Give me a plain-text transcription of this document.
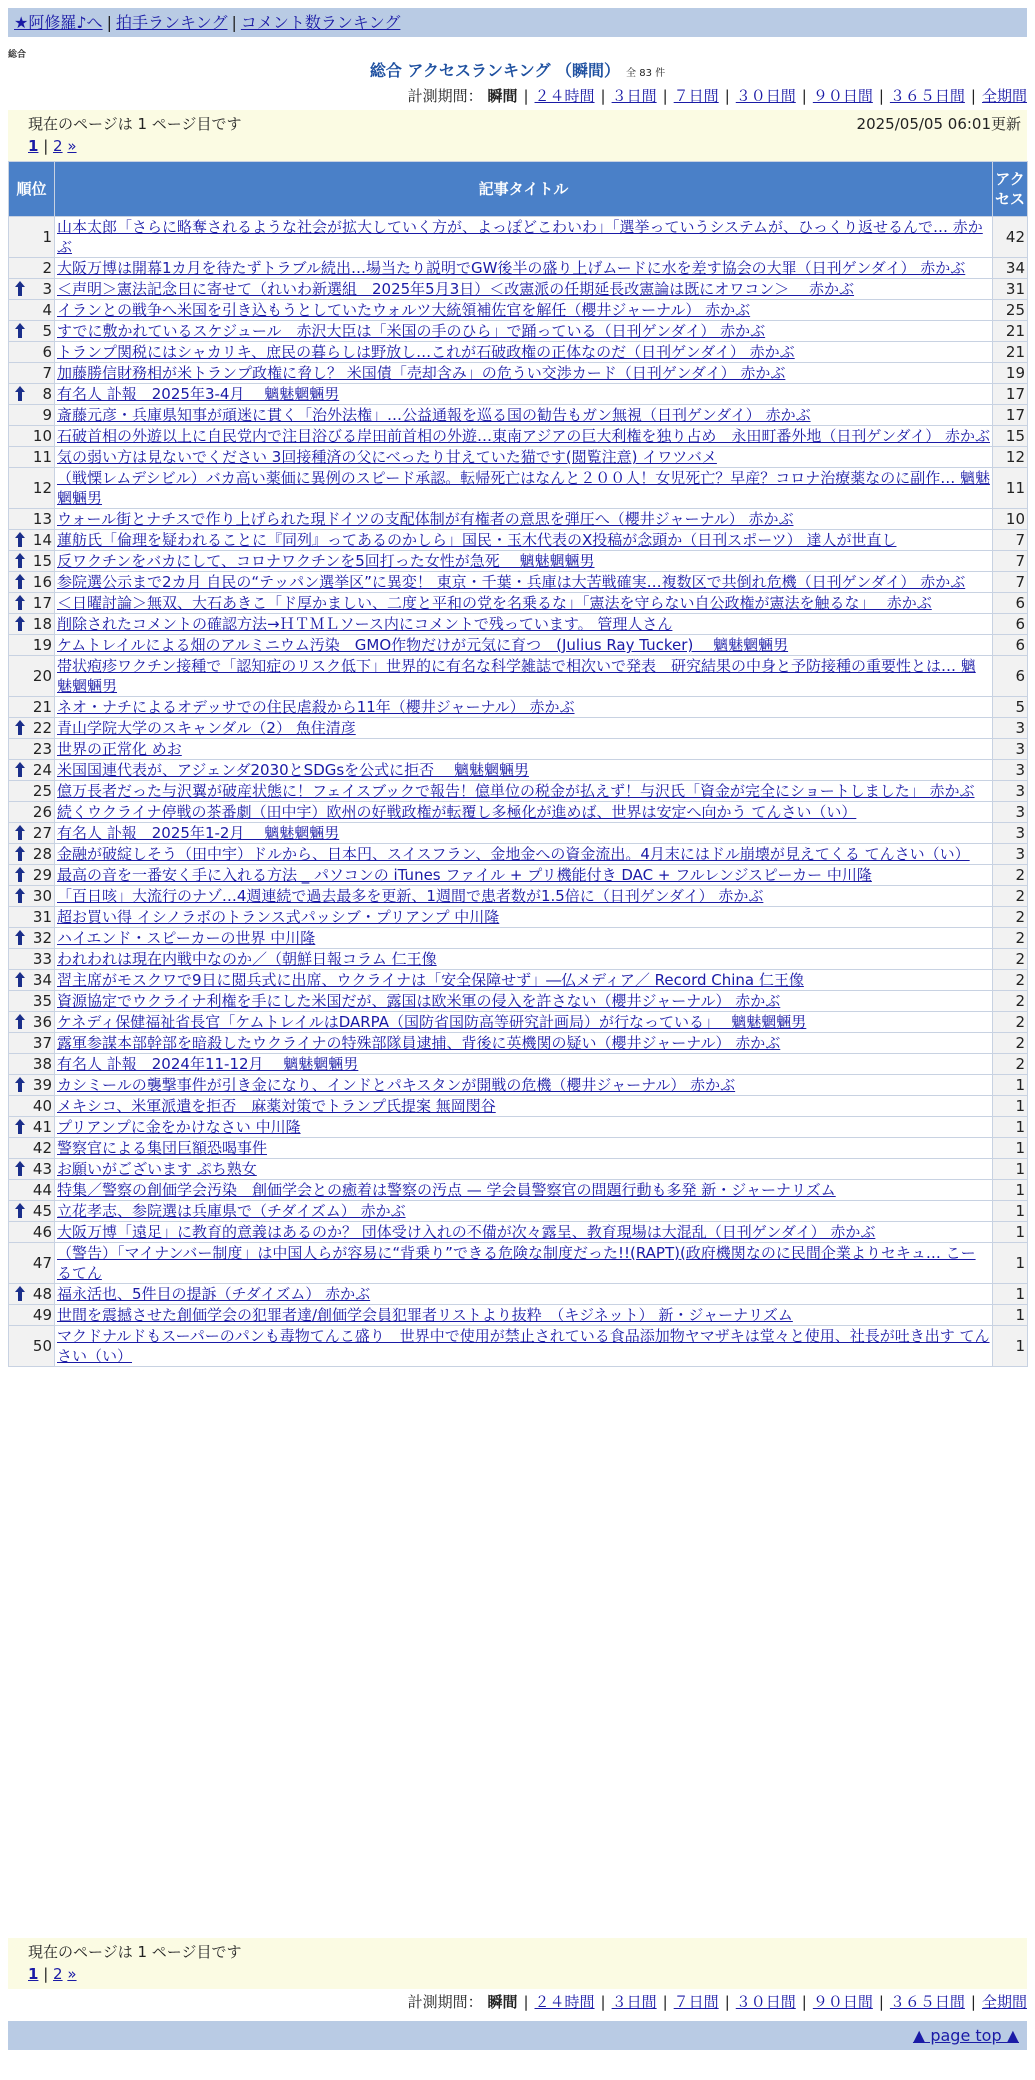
★阿修羅♪へ | 拍手ランキング | コメント数ランキング
総合
総合 アクセスランキング （瞬間） 全 83 件
計測期間： 瞬間 | ２４時間 | ３日間 | ７日間 | ３０日間 | ９０日間 | ３６５日間 | 全期間
現在のページは 1 ページ目です	2025/05/05 06:01更新
1 | 2 »
順位	記事タイトル	アクセス
1	山本太郎「さらに略奪されるような社会が拡大していく方が、よっぽどこわいわ」「選挙っていうシステムが、ひっくり返せるんで… 赤かぶ	42
2	大阪万博は開幕1カ月を待たずトラブル続出…場当たり説明でGW後半の盛り上げムードに水を差す協会の大罪（日刊ゲンダイ） 赤かぶ	34

3	＜声明＞憲法記念日に寄せて（れいわ新選組　2025年5月3日）＜改憲派の任期延長改憲論は既にオワコン＞　 赤かぶ	31
4	イランとの戦争へ米国を引き込もうとしていたウォルツ大統領補佐官を解任（櫻井ジャーナル） 赤かぶ	25

5	すでに敷かれているスケジュール　赤沢大臣は「米国の手のひら」で踊っている（日刊ゲンダイ） 赤かぶ	21
6	トランプ関税にはシャカリキ、庶民の暮らしは野放し…これが石破政権の正体なのだ（日刊ゲンダイ） 赤かぶ	21
7	加藤勝信財務相が米トランプ政権に脅し？ 米国債「売却含み」の危うい交渉カード（日刊ゲンダイ） 赤かぶ	19

8	有名人 訃報　2025年3-4月　 魑魅魍魎男	17
9	斎藤元彦・兵庫県知事が頑迷に貫く「治外法権」…公益通報を巡る国の勧告もガン無視（日刊ゲンダイ） 赤かぶ	17
10	石破首相の外遊以上に自民党内で注目浴びる岸田前首相の外遊…東南アジアの巨大利権を独り占め　永田町番外地（日刊ゲンダイ） 赤かぶ	15
11	気の弱い方は見ないでください 3回接種済の父にべったり甘えていた猫です(閲覧注意) イワツバメ	12
12	（戦慄レムデシビル）バカ高い薬価に異例のスピード承認。転帰死亡はなんと２００人！女児死亡？早産？コロナ治療薬なのに副作… 魑魅魍魎男	11
13	ウォール街とナチスで作り上げられた現ドイツの支配体制が有権者の意思を弾圧へ（櫻井ジャーナル） 赤かぶ	10

14	蓮舫氏「倫理を疑われることに『同列』ってあるのかしら」国民・玉木代表のX投稿が念頭か（日刊スポーツ） 達人が世直し	7

15	反ワクチンをバカにして、コロナワクチンを5回打った女性が急死　 魑魅魍魎男	7

16	参院選公示まで2カ月 自民の“テッパン選挙区”に異変！ 東京・千葉・兵庫は大苦戦確実…複数区で共倒れ危機（日刊ゲンダイ） 赤かぶ	7

17	＜日曜討論＞無双、大石あきこ「ド厚かましい、二度と平和の党を名乗るな」「憲法を守らない自公政権が憲法を触るな」　 赤かぶ	6

18	削除されたコメントの確認方法→ＨＴＭＬソース内にコメントで残っています。 管理人さん	6
19	ケムトレイルによる畑のアルミニウム汚染　GMO作物だけが元気に育つ　(Julius Ray Tucker)　 魑魅魍魎男	6
20	帯状疱疹ワクチン接種で「認知症のリスク低下」世界的に有名な科学雑誌で相次いで発表　研究結果の中身と予防接種の重要性とは… 魑魅魍魎男	6
21	ネオ・ナチによるオデッサでの住民虐殺から11年（櫻井ジャーナル） 赤かぶ	5

22	青山学院大学のスキャンダル（2） 魚住清彦	3
23	世界の正常化 めお	3

24	米国国連代表が、アジェンダ2030とSDGsを公式に拒否　 魑魅魍魎男	3
25	億万長者だった与沢翼が破産状態に！フェイスブックで報告！億単位の税金が払えず！与沢氏「資金が完全にショートしました」 赤かぶ	3
26	続くウクライナ停戦の茶番劇（田中宇）欧州の好戦政権が転覆し多極化が進めば、世界は安定へ向かう てんさい（い）	3

27	有名人 訃報　2025年1-2月　 魑魅魍魎男	3

28	金融が破綻しそう（田中宇）ドルから、日本円、スイスフラン、金地金への資金流出。4月末にはドル崩壊が見えてくる てんさい（い）	3

29	最高の音を一番安く手に入れる方法 _ パソコンの iTunes ファイル + プリ機能付き DAC + フルレンジスピーカー 中川隆	2

30	「百日咳」大流行のナゾ…4週連続で過去最多を更新、1週間で患者数が1.5倍に（日刊ゲンダイ） 赤かぶ	2
31	超お買い得 イシノラボのトランス式パッシブ・プリアンプ 中川隆	2

32	ハイエンド・スピーカーの世界 中川隆	2
33	われわれは現在内戦中なのか／（朝鮮日報コラム 仁王像	2

34	習主席がモスクワで9日に閲兵式に出席、ウクライナは「安全保障せず」―仏メディア／ Record China 仁王像	2
35	資源協定でウクライナ利権を手にした米国だが、露国は欧米軍の侵入を許さない（櫻井ジャーナル） 赤かぶ	2

36	ケネディ保健福祉省長官「ケムトレイルはDARPA（国防省国防高等研究計画局）が行なっている」　 魑魅魍魎男	2
37	露軍参謀本部幹部を暗殺したウクライナの特殊部隊員逮捕、背後に英機関の疑い（櫻井ジャーナル） 赤かぶ	2
38	有名人 訃報　2024年11-12月　 魑魅魍魎男	2

39	カシミールの襲撃事件が引き金になり、インドとパキスタンが開戦の危機（櫻井ジャーナル） 赤かぶ	1
40	メキシコ、米軍派遣を拒否　麻薬対策でトランプ氏提案 無岡閔谷	1

41	プリアンプに金をかけなさい 中川隆	1
42	警察官による集団巨額恐喝事件	1

43	お願いがございます ぷち熟女	1
44	特集／警察の創価学会汚染　創価学会との癒着は警察の汚点 — 学会員警察官の問題行動も多発 新・ジャーナリズム	1

45	立花孝志、参院選は兵庫県で（チダイズム） 赤かぶ	1
46	大阪万博「遠足」に教育的意義はあるのか？ 団体受け入れの不備が次々露呈、教育現場は大混乱（日刊ゲンダイ） 赤かぶ	1
47	（警告）「マイナンバー制度」は中国人らが容易に“背乗り”できる危険な制度だった!!(RAPT)(政府機関なのに民間企業よりセキュ… こーるてん	1

48	福永活也、5件目の提訴（チダイズム） 赤かぶ	1
49	世間を震撼させた創価学会の犯罪者達/創価学会員犯罪者リストより抜粋　（キジネット） 新・ジャーナリズム	1
50	マクドナルドもスーパーのパンも毒物てんこ盛り　世界中で使用が禁止されている食品添加物ヤマザキは堂々と使用、社長が吐き出す てんさい（い）	1
現在のページは 1 ページ目です
1 | 2 »
計測期間： 瞬間 | ２４時間 | ３日間 | ７日間 | ３０日間 | ９０日間 | ３６５日間 | 全期間
▲ page top ▲
